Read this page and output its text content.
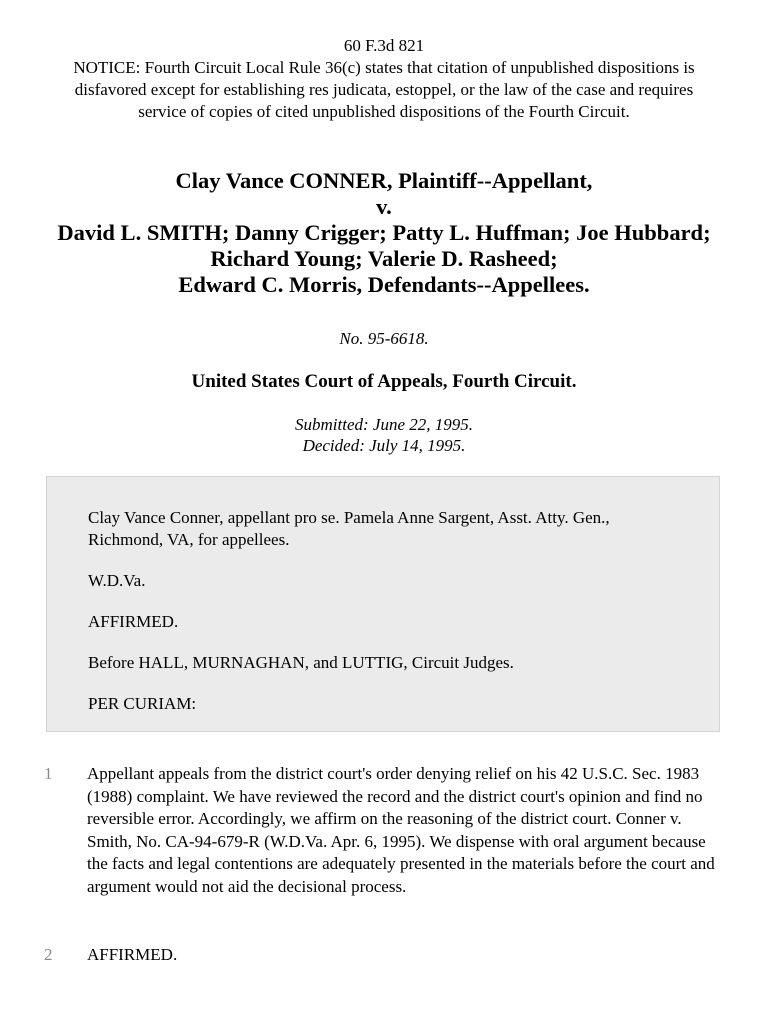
60 F.3d 821
NOTICE: Fourth Circuit Local Rule 36(c) states that citation of unpublished dispositions is disfavored except for establishing res judicata, estoppel, or the law of the case and requires service of copies of cited unpublished dispositions of the Fourth Circuit.
Clay Vance CONNER, Plaintiff--Appellant,
v.
David L. SMITH; Danny Crigger; Patty L. Huffman; Joe Hubbard; Richard Young; Valerie D. Rasheed;
Edward C. Morris, Defendants--Appellees.
No. 95-6618.
United States Court of Appeals, Fourth Circuit.
Submitted: June 22, 1995.
Decided: July 14, 1995.

Clay Vance Conner, appellant pro se. Pamela Anne Sargent, Asst. Atty. Gen., Richmond, VA, for appellees.

W.D.Va.

AFFIRMED.

Before HALL, MURNAGHAN, and LUTTIG, Circuit Judges.

PER CURIAM:

1 Appellant appeals from the district court's order denying relief on his 42 U.S.C. Sec. 1983 (1988) complaint. We have reviewed the record and the district court's opinion and find no reversible error. Accordingly, we affirm on the reasoning of the district court. Conner v. Smith, No. CA-94-679-R (W.D.Va. Apr. 6, 1995). We dispense with oral argument because the facts and legal contentions are adequately presented in the materials before the court and argument would not aid the decisional process.
2 AFFIRMED.
